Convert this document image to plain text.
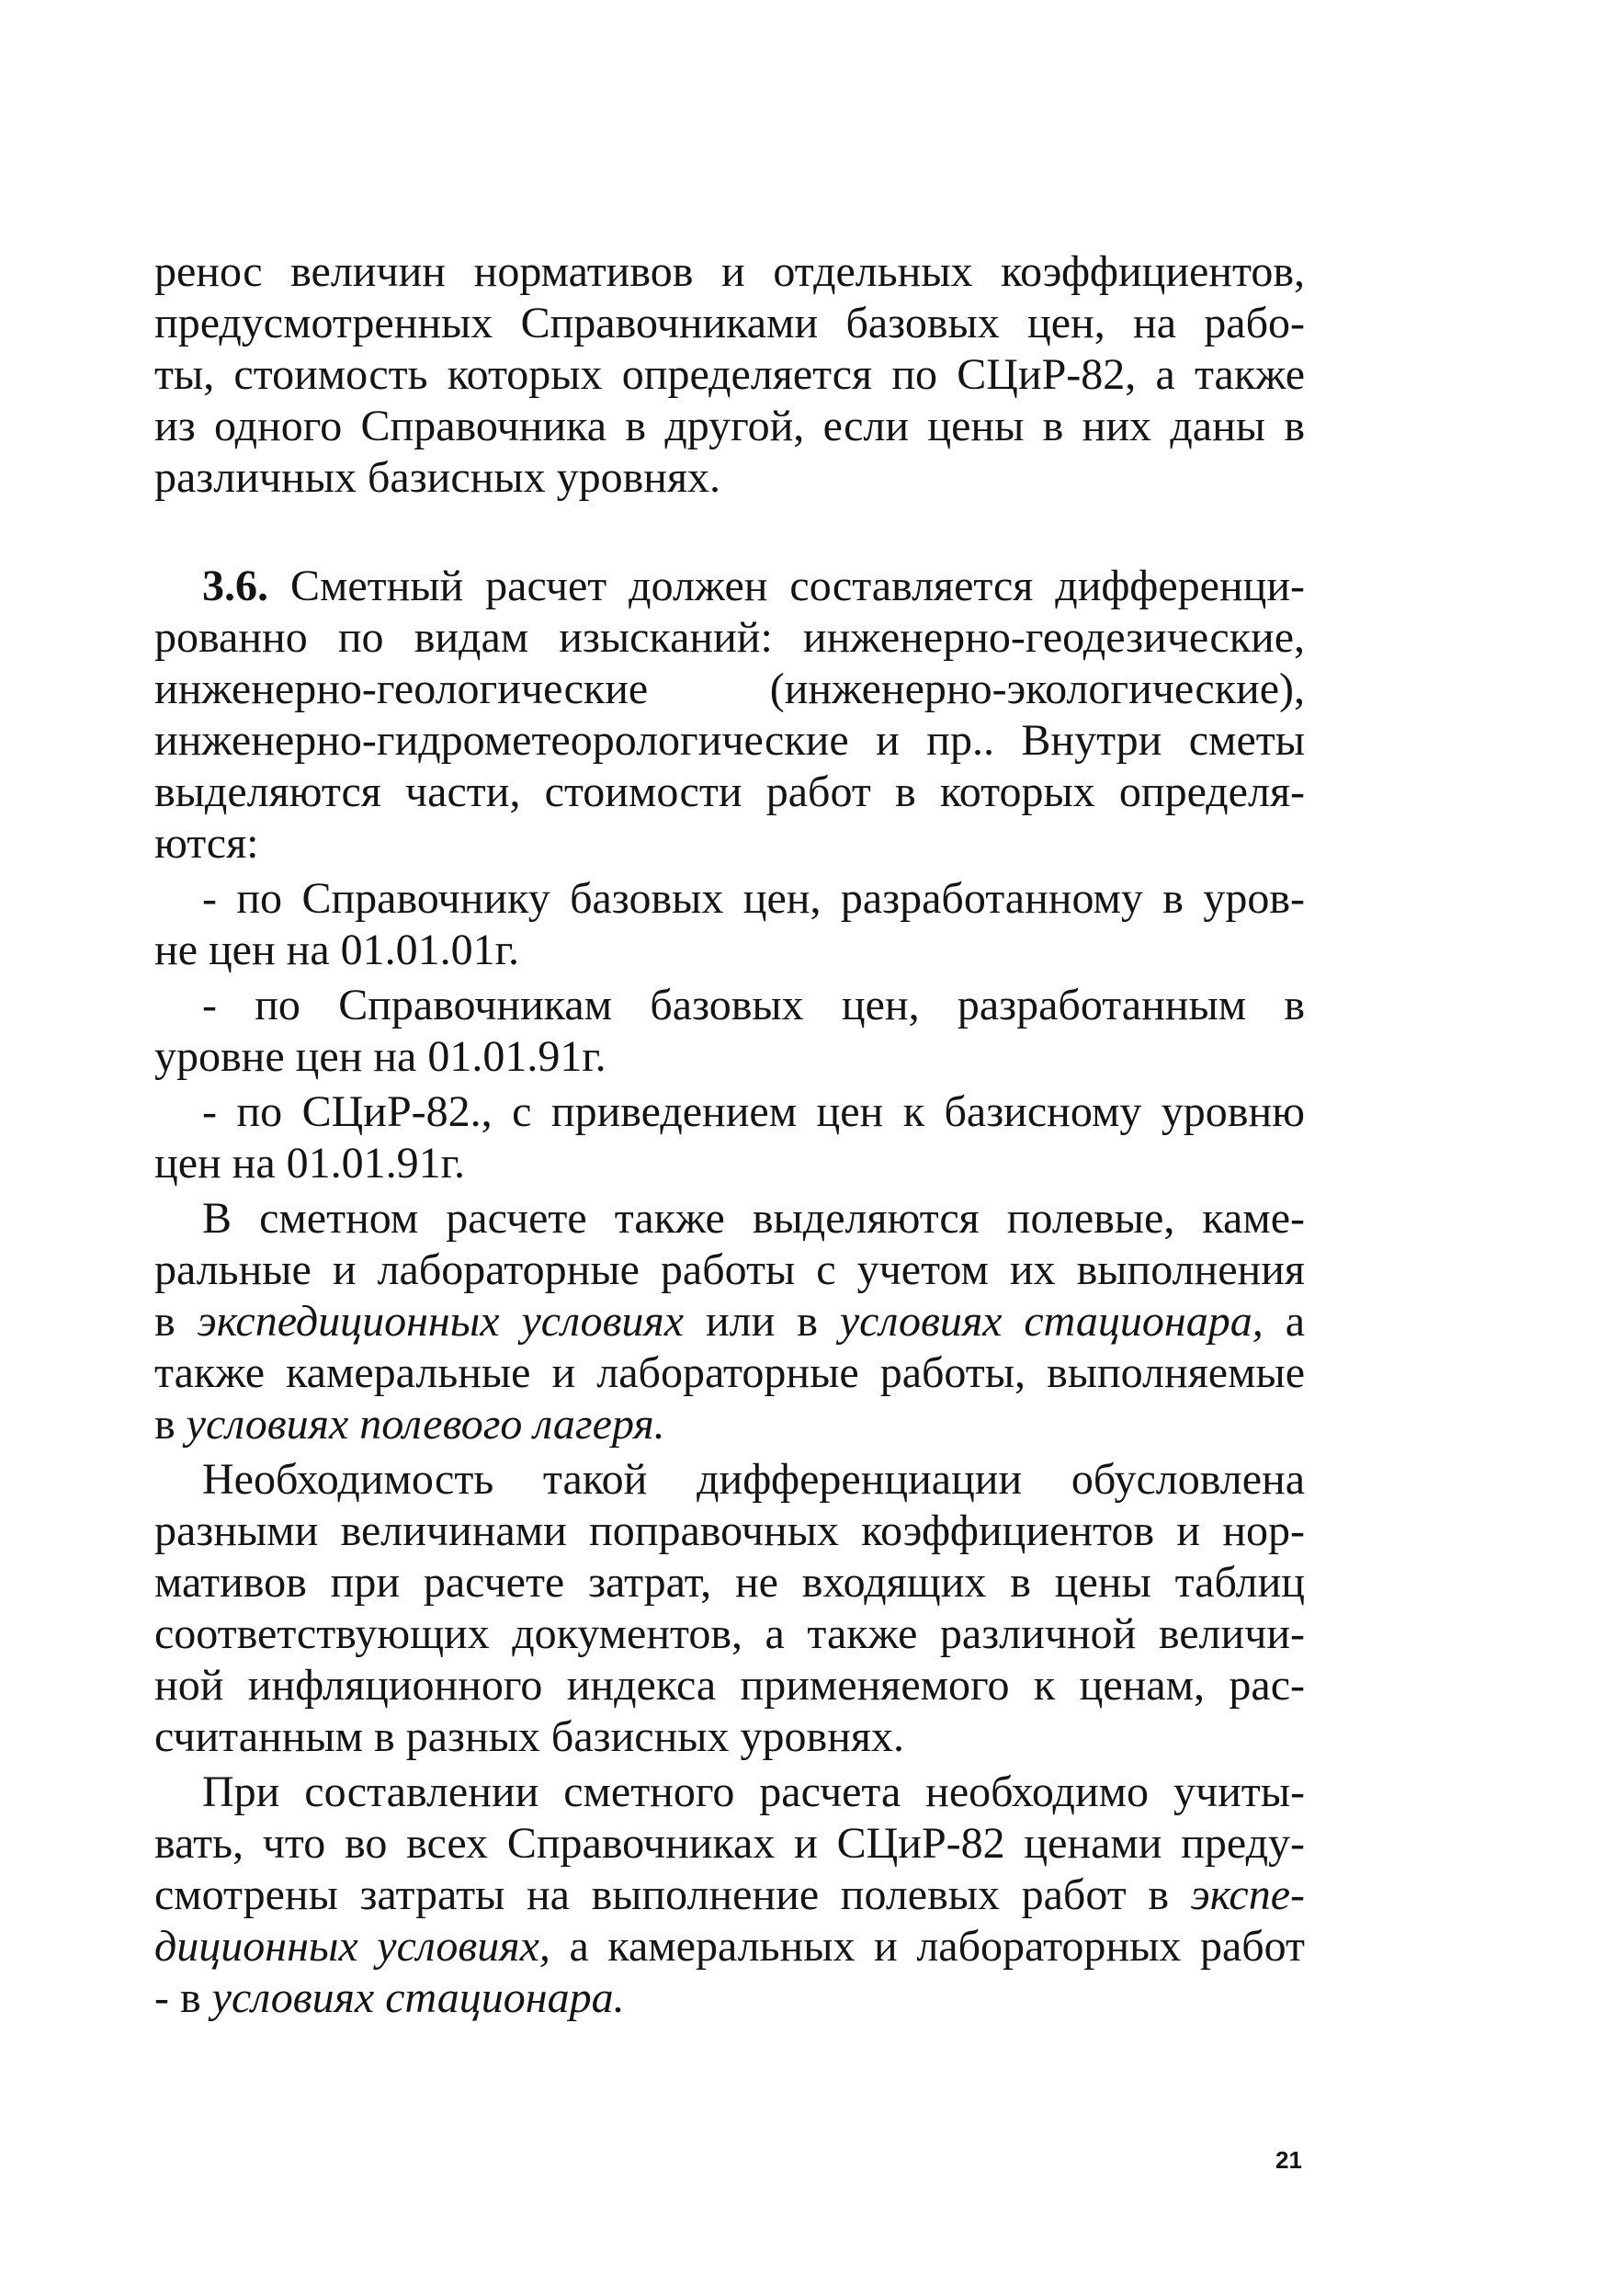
ренос величин нормативов и отдельных коэффициентов,
предусмотренных Справочниками базовых цен, на рабо-
ты, стоимость которых определяется по СЦиР-82, а также
из одного Справочника в другой, если цены в них даны в
различных базисных уровнях.
3.6. Сметный расчет должен составляется дифференци-
рованно по видам изысканий: инженерно-геодезические,
инженерно-геологические (инженерно-экологические),
инженерно-гидрометеорологические и пр.. Внутри сметы
выделяются части, стоимости работ в которых определя-
ются:
- по Справочнику базовых цен, разработанному в уров-
не цен на 01.01.01г.
- по Справочникам базовых цен, разработанным в
уровне цен на 01.01.91г.
- по СЦиР-82., с приведением цен к базисному уровню
цен на 01.01.91г.
В сметном расчете также выделяются полевые, каме-
ральные и лабораторные работы с учетом их выполнения
в экспедиционных условиях или в условиях стационара, а
также камеральные и лабораторные работы, выполняемые
в условиях полевого лагеря.
Необходимость такой дифференциации обусловлена
разными величинами поправочных коэффициентов и нор-
мативов при расчете затрат, не входящих в цены таблиц
соответствующих документов, а также различной величи-
ной инфляционного индекса применяемого к ценам, рас-
считанным в разных базисных уровнях.
При составлении сметного расчета необходимо учиты-
вать, что во всех Справочниках и СЦиР-82 ценами преду-
смотрены затраты на выполнение полевых работ в экспе-
диционных условиях, а камеральных и лабораторных работ
- в условиях стационара.
21
